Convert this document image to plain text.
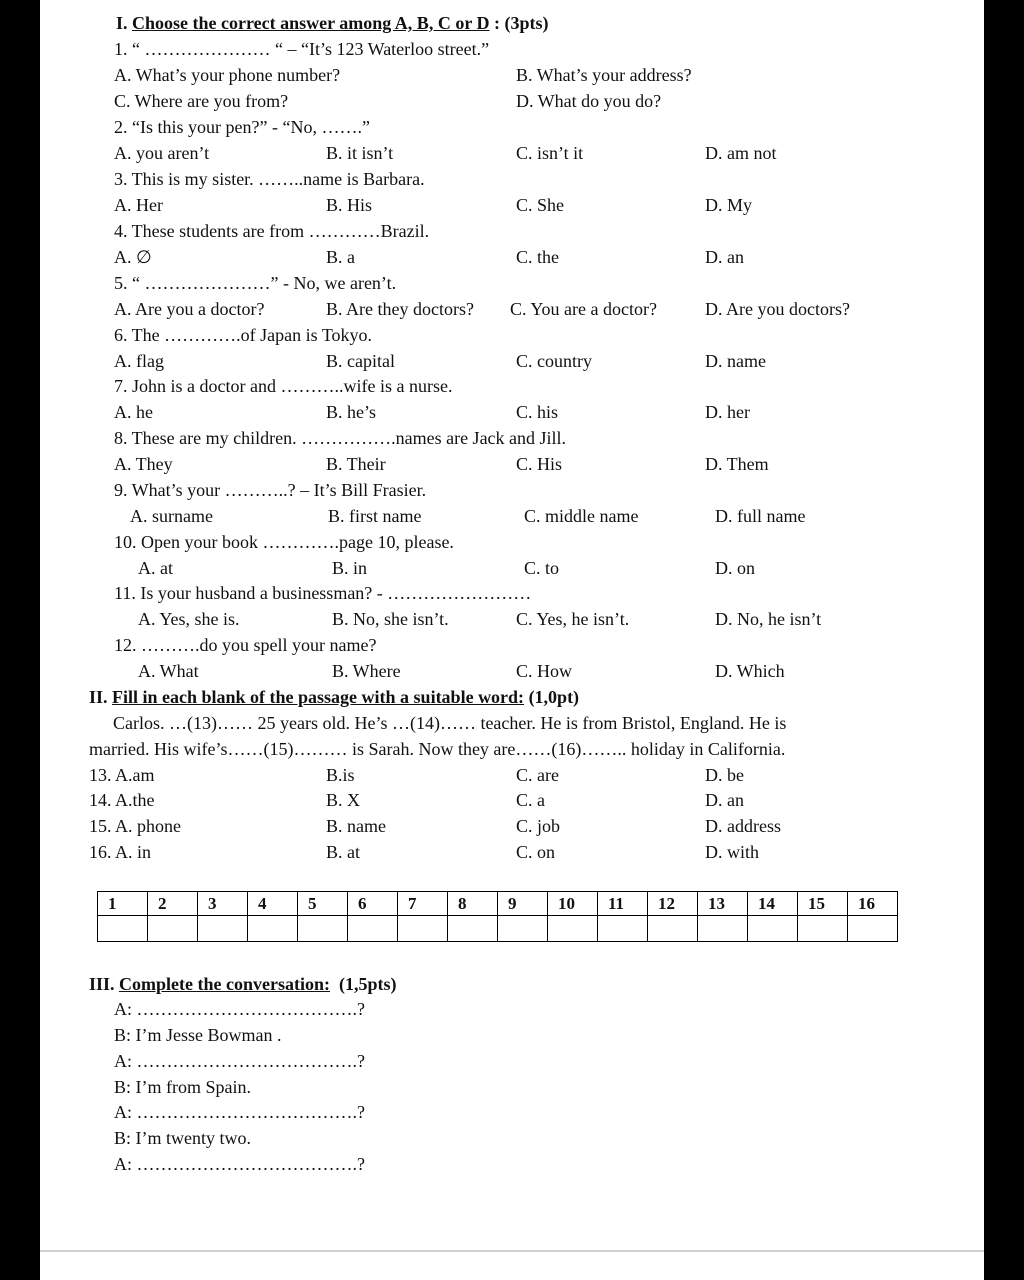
I. Choose the correct answer among A, B, C or D : (3pts)
1. “ ………………… “ – “It’s 123 Waterloo street.”
A. What’s your phone number?	B. What’s your address?
C. Where are you from?	D. What do you do?
2. “Is this your pen?” - “No, …….”
A. you aren’t	B. it isn’t	C. isn’t it	D. am not
3. This is my sister. ……..name is Barbara.
A. Her	B. His	C. She	D. My
4. These students are from …………Brazil.
A. ∅	B. a	C. the	D. an
5. “ …………………” - No, we aren’t.
A. Are you a doctor?	B. Are they doctors? C. You are a doctor?	D. Are you doctors?
6. The ………….of Japan is Tokyo.
A. flag	B. capital	C. country	D. name
7. John is a doctor and ………..wife is a nurse.
A. he	B. he’s	C. his	D. her
8. These are my children. …………….names are Jack and Jill.
A. They	B. Their	C. His	D. Them
9. What’s your ………..? – It’s Bill Frasier.
A. surname	B. first name	C. middle name	D. full name
10. Open your book ………….page 10, please.
A. at	B. in	C. to	D. on
11. Is your husband a businessman? - ……………………
A. Yes, she is.	B. No, she isn’t.	C. Yes, he isn’t.	D. No, he isn’t
12. ……….do you spell your name?
A. What	B. Where	C. How	D. Which
II. Fill in each blank of the passage with a suitable word: (1,0pt)
Carlos. …(13)…… 25 years old. He’s …(14)…… teacher. He is from Bristol, England. He is
married. His wife’s……(15)……… is Sarah. Now they are……(16)…….. holiday in California.
13. A.am	B.is	C. are	D. be
14. A.the	B. X	C. a	D. an
15. A. phone	B. name	C. job	D. address
16. A. in	B. at	C. on	D. with
1	2	3	4	5	6	7	8	9	10	11	12	13	14	15	16

III. Complete the conversation: (1,5pts)
A: ……………………………….?
B: I’m Jesse Bowman .
A: ……………………………….?
B: I’m from Spain.
A: ……………………………….?
B: I’m twenty two.
A: ……………………………….?
